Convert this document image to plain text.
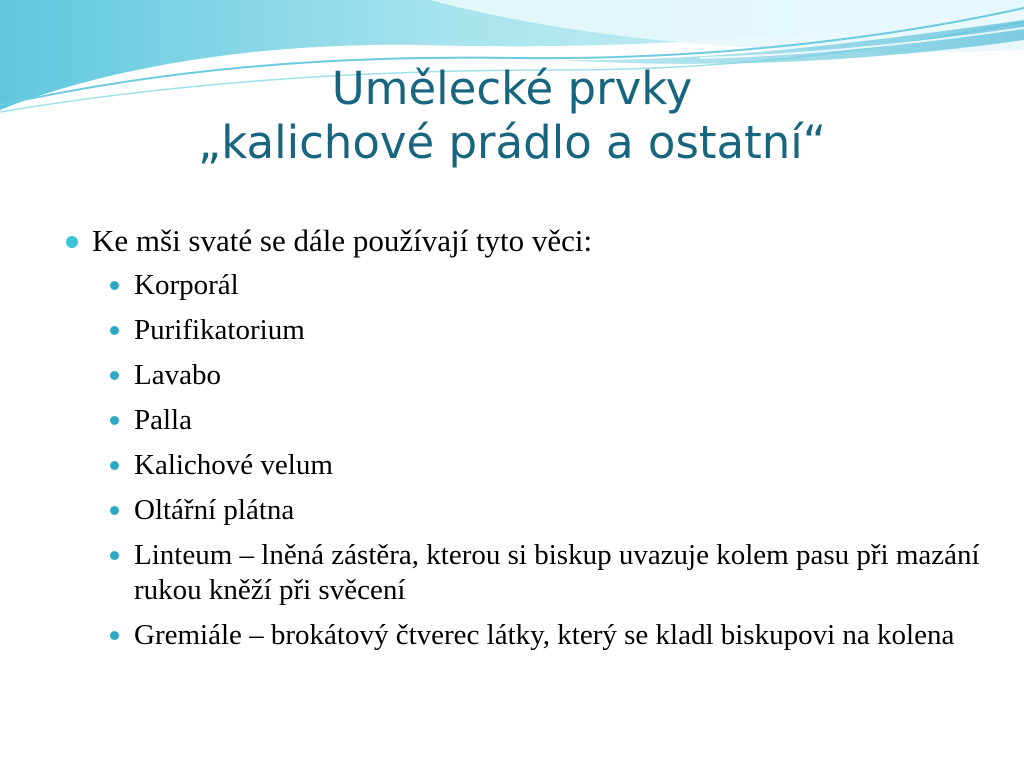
Umělecké prvky
„kalichové prádlo a ostatní“
Ke mši svaté se dále používají tyto věci:
Korporál
Purifikatorium
Lavabo
Palla
Kalichové velum
Oltářní plátna
Linteum – lněná zástěra, kterou si biskup uvazuje kolem pasu při mazání rukou kněží při svěcení
Gremiále – brokátový čtverec látky, který se kladl biskupovi na kolena
